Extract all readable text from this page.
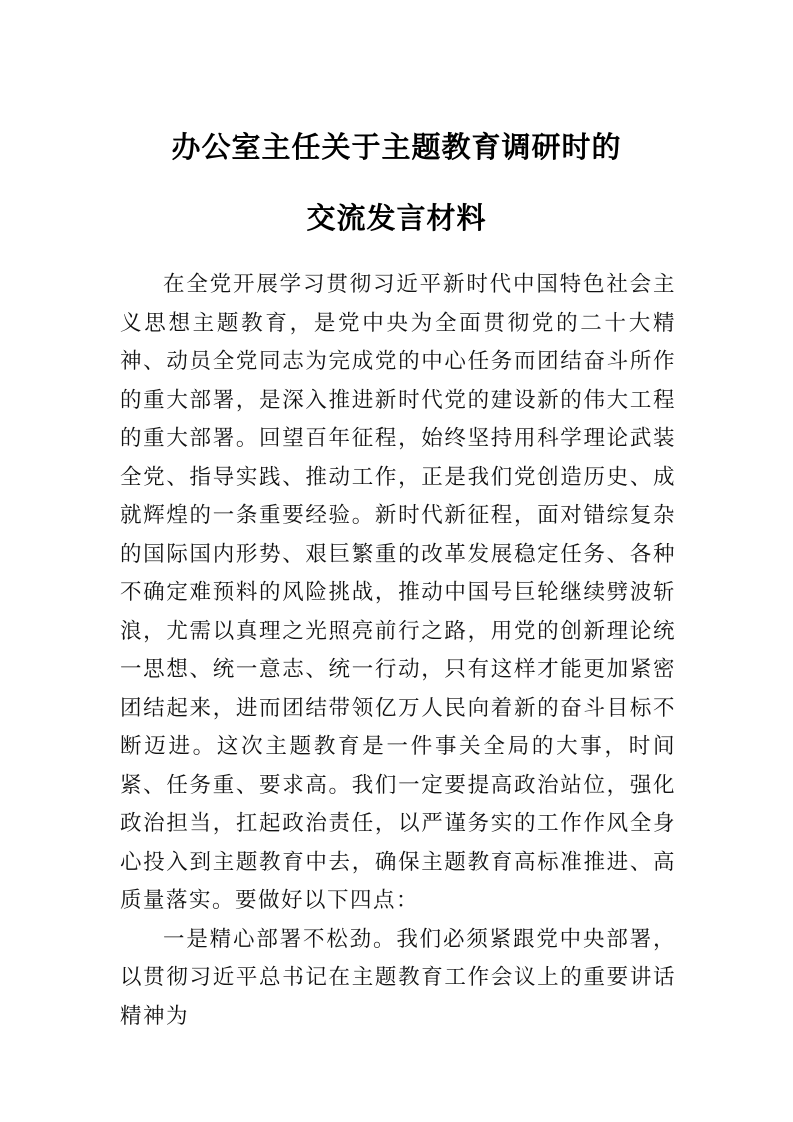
办公室主任关于主题教育调研时的
交流发言材料

在全党开展学习贯彻习近平新时代中国特色社会主义思想主题教育，是党中央为全面贯彻党的二十大精神、动员全党同志为完成党的中心任务而团结奋斗所作的重大部署，是深入推进新时代党的建设新的伟大工程的重大部署。回望百年征程，始终坚持用科学理论武装全党、指导实践、推动工作，正是我们党创造历史、成就辉煌的一条重要经验。新时代新征程，面对错综复杂的国际国内形势、艰巨繁重的改革发展稳定任务、各种不确定难预料的风险挑战，推动中国号巨轮继续劈波斩浪，尤需以真理之光照亮前行之路，用党的创新理论统一思想、统一意志、统一行动，只有这样才能更加紧密团结起来，进而团结带领亿万人民向着新的奋斗目标不断迈进。这次主题教育是一件事关全局的大事，时间紧、任务重、要求高。我们一定要提高政治站位，强化政治担当，扛起政治责任，以严谨务实的工作作风全身心投入到主题教育中去，确保主题教育高标准推进、高质量落实。要做好以下四点：

一是精心部署不松劲。我们必须紧跟党中央部署，以贯彻习近平总书记在主题教育工作会议上的重要讲话精神为
